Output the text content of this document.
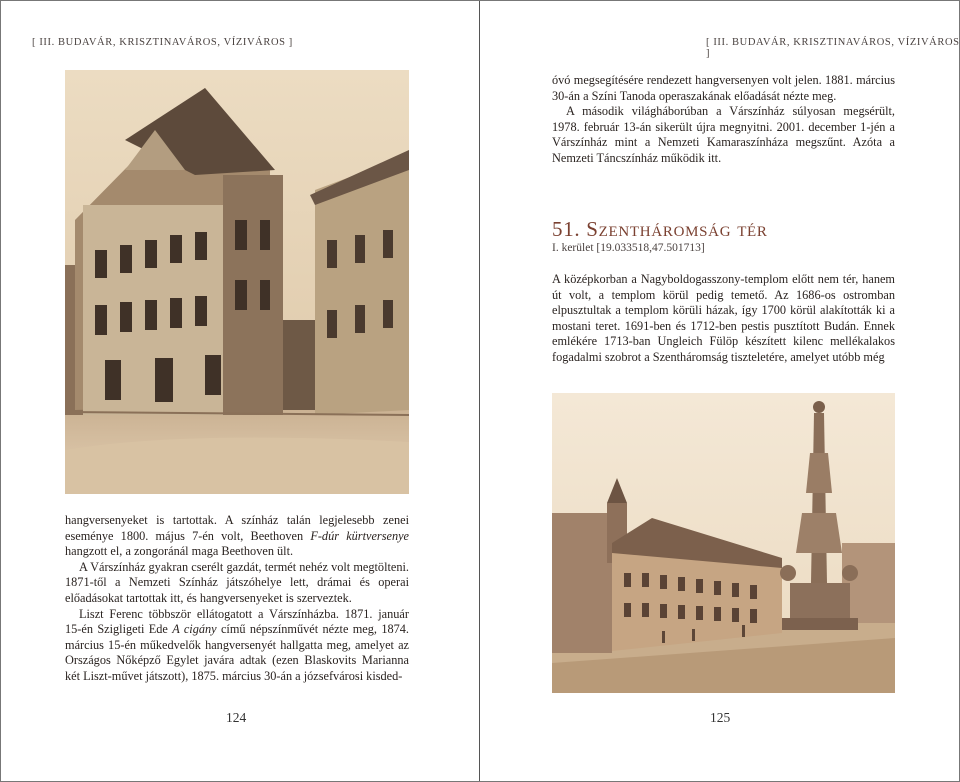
[ III. BUDAVÁR, KRISZTINAVÁROS, VÍZIVÁROS ]

hangversenyeket is tartottak. A színház talán legjelesebb zenei eseménye 1800. május 7-én volt, Beethoven F-dúr kürtversenye hangzott el, a zongoránál maga Beethoven ült.

A Várszínház gyakran cserélt gazdát, termét nehéz volt megtölteni. 1871-től a Nemzeti Színház játszóhelye lett, drámai és operai előadásokat tartottak itt, és hangversenyeket is szerveztek.

Liszt Ferenc többször ellátogatott a Várszínházba. 1871. január 15-én Szigligeti Ede A cigány című népszínművét nézte meg, 1874. március 15-én műkedvelők hangversenyét hallgatta meg, amelyet az Országos Nőképző Egylet javára adtak (ezen Blaskovits Marianna két Liszt-művet játszott), 1875. március 30-án a józsefvárosi kisded-

124
[ III. BUDAVÁR, KRISZTINAVÁROS, VÍZIVÁROS ]

óvó megsegítésére rendezett hangversenyen volt jelen. 1881. március 30-án a Színi Tanoda operaszakának előadását nézte meg.

A második világháborúban a Várszínház súlyosan megsérült, 1978. február 13-án sikerült újra megnyitni. 2001. december 1-jén a Várszínház mint a Nemzeti Kamaraszínháza megszűnt. Azóta a Nemzeti Táncszínház működik itt.

51. Szentháromság tér
I. kerület [19.033518,47.501713]

A középkorban a Nagyboldogasszony-templom előtt nem tér, hanem út volt, a templom körül pedig temető. Az 1686-os ostromban elpusztultak a templom körüli házak, így 1700 körül alakították ki a mostani teret. 1691-ben és 1712-ben pestis pusztított Budán. Ennek emlékére 1713-ban Ungleich Fülöp készített kilenc mellékalakos fogadalmi szobrot a Szentháromság tiszteletére, amelyet utóbb még

125
